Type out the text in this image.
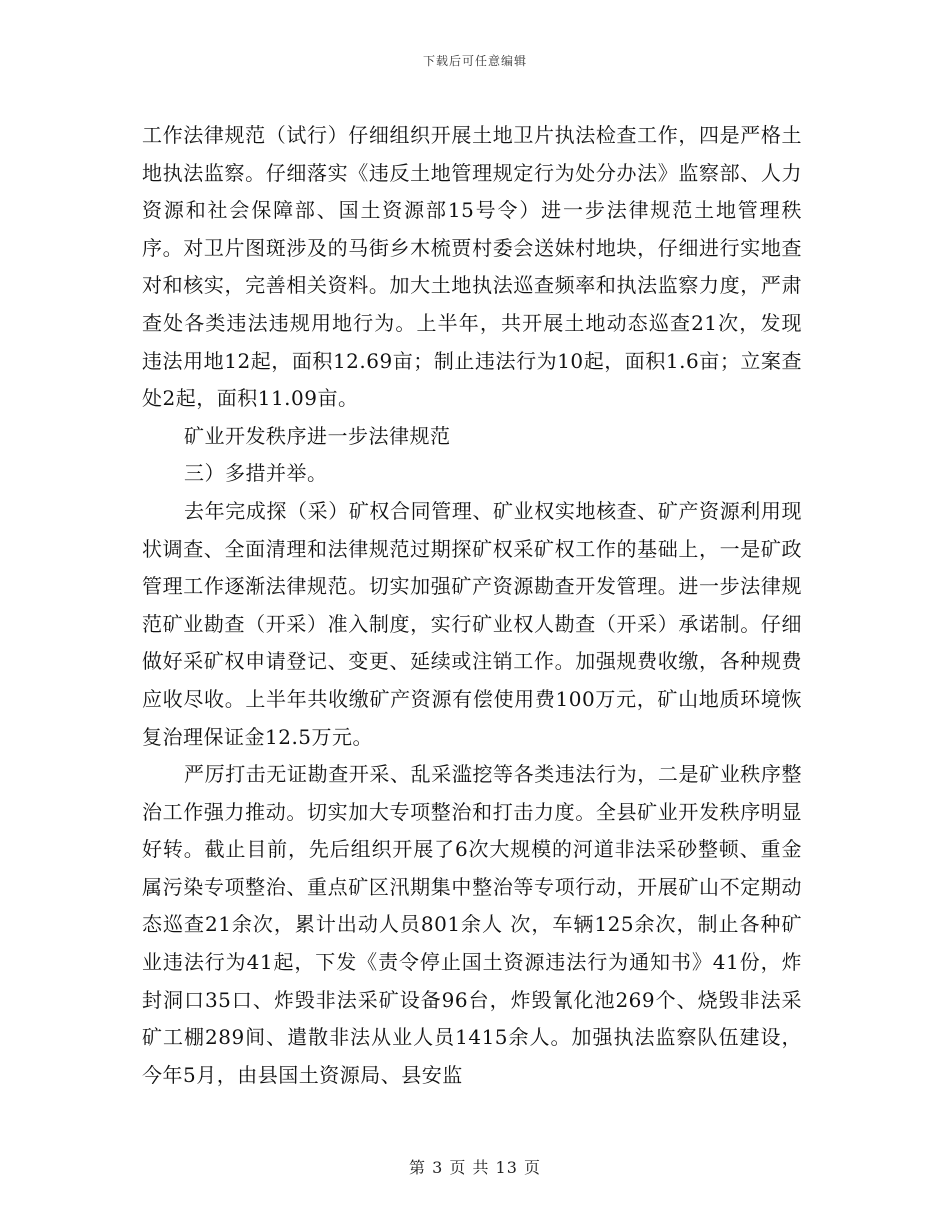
下载后可任意编辑

工作法律规范（试行）仔细组织开展土地卫片执法检查工作，四是严格土地执法监察。仔细落实《违反土地管理规定行为处分办法》监察部、人力资源和社会保障部、国土资源部15号令）进一步法律规范土地管理秩序。对卫片图斑涉及的马街乡木梳贾村委会送妹村地块，仔细进行实地查对和核实，完善相关资料。加大土地执法巡查频率和执法监察力度，严肃查处各类违法违规用地行为。上半年，共开展土地动态巡查21次，发现违法用地12起，面积12.69亩；制止违法行为10起，面积1.6亩；立案查处2起，面积11.09亩。

矿业开发秩序进一步法律规范

三）多措并举。

去年完成探（采）矿权合同管理、矿业权实地核查、矿产资源利用现状调查、全面清理和法律规范过期探矿权采矿权工作的基础上，一是矿政管理工作逐渐法律规范。切实加强矿产资源勘查开发管理。进一步法律规范矿业勘查（开采）准入制度，实行矿业权人勘查（开采）承诺制。仔细做好采矿权申请登记、变更、延续或注销工作。加强规费收缴，各种规费应收尽收。上半年共收缴矿产资源有偿使用费100万元，矿山地质环境恢复治理保证金12.5万元。

严厉打击无证勘查开采、乱采滥挖等各类违法行为，二是矿业秩序整治工作强力推动。切实加大专项整治和打击力度。全县矿业开发秩序明显好转。截止目前，先后组织开展了6次大规模的河道非法采砂整顿、重金属污染专项整治、重点矿区汛期集中整治等专项行动，开展矿山不定期动态巡查21余次，累计出动人员801余人 次，车辆125余次，制止各种矿业违法行为41起，下发《责令停止国土资源违法行为通知书》41份，炸封洞口35口、炸毁非法采矿设备96台，炸毁氰化池269个、烧毁非法采矿工棚289间、遣散非法从业人员1415余人。加强执法监察队伍建设，今年5月，由县国土资源局、县安监

第 3 页 共 13 页
